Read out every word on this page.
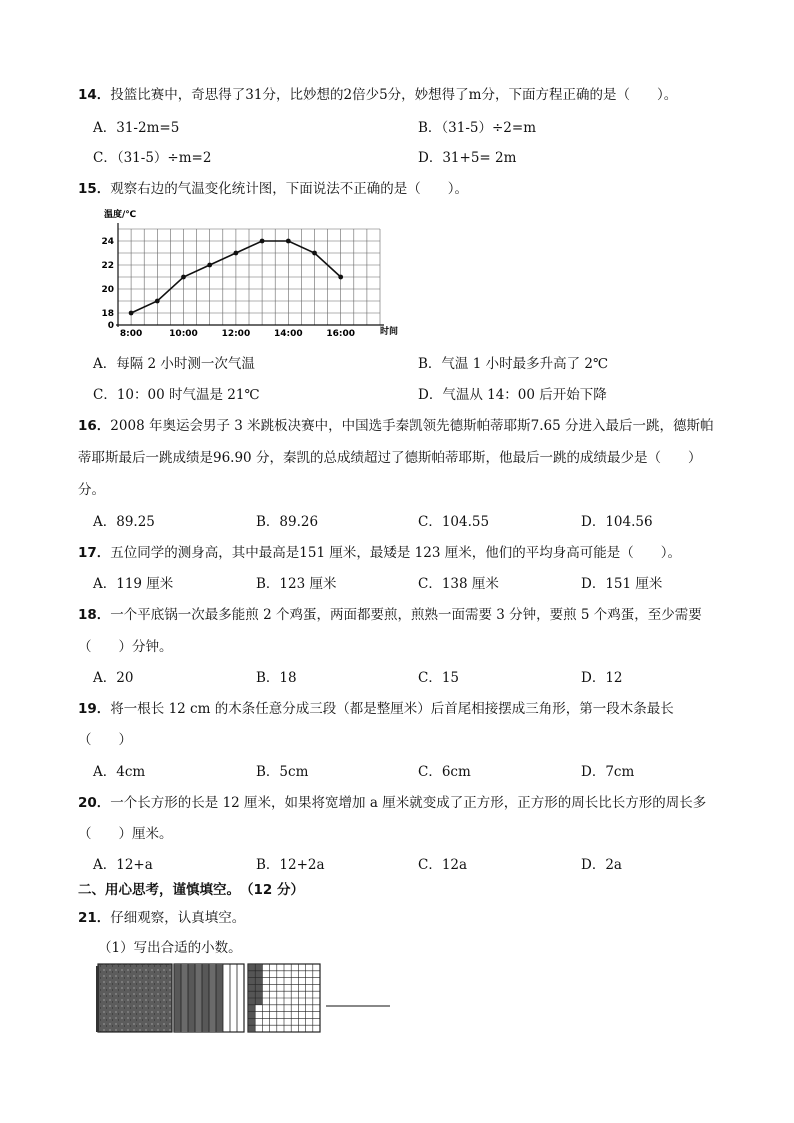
14．投篮比赛中，奇思得了31分，比妙想的2倍少5分，妙想得了m分，下面方程正确的是（　　）。
A．31-2m=5	B．（31-5）÷2=m
C．（31-5）÷m=2	D．31+5= 2m
15．观察右边的气温变化统计图，下面说法不正确的是（　　）。
温度/℃
0
18
20
22
24
8:00	10:00	12:00	14:00	16:00	时间
A．每隔 2 小时测一次气温	B．气温 1 小时最多升高了 2℃
C．10：00 时气温是 21℃	D．气温从 14：00 后开始下降
16．2008 年奥运会男子 3 米跳板决赛中，中国选手秦凯领先德斯帕蒂耶斯7.65 分进入最后一跳，德斯帕
蒂耶斯最后一跳成绩是96.90 分，秦凯的总成绩超过了德斯帕蒂耶斯，他最后一跳的成绩最少是（　　）
分。
A．89.25	B．89.26	C．104.55	D．104.56
17．五位同学的测身高，其中最高是151 厘米，最矮是 123 厘米，他们的平均身高可能是（　　）。
A．119 厘米	B．123 厘米	C．138 厘米	D．151 厘米
18．一个平底锅一次最多能煎 2 个鸡蛋，两面都要煎，煎熟一面需要 3 分钟，要煎 5 个鸡蛋，至少需要
（　　）分钟。
A．20	B．18	C．15	D．12
19．将一根长 12 cm 的木条任意分成三段（都是整厘米）后首尾相接摆成三角形，第一段木条最长
（　　）
A．4cm	B．5cm	C．6cm	D．7cm
20．一个长方形的长是 12 厘米，如果将宽增加 a 厘米就变成了正方形，正方形的周长比长方形的周长多
（　　）厘米。
A．12+a	B．12+2a	C．12a	D．2a
二、用心思考，谨慎填空。　（12 分）
21．仔细观察，认真填空。
（1）写出合适的小数。
